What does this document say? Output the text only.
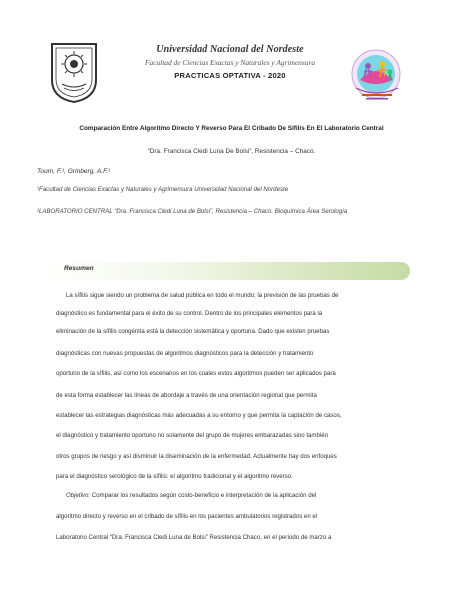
Universidad Nacional del Nordeste
Facultad de Ciencias Exactas y Naturales y Agrimensura
PRACTICAS OPTATIVA - 2020
Comparación Entre Algoritmo Directo Y Reverso Para El Cribado De Sífilis En El Laboratorio Central
“Dra. Francisca Cledi Luna De Bolsi”, Resistencia – Chaco.
Toum, F.¹, Grinberg, A.F.¹
¹Facultad de Ciencias Exactas y Naturales y Agrimensura Universidad Nacional del Nordeste
²LABORATORIO CENTRAL “Dra. Francisca Cledi Luna de Bolsi”, Resistencia – Chaco. Bioquímica Área Serología
Resumen
La sífilis sigue siendo un problema de salud pública en todo el mundo; la previsión de las pruebas de
diagnóstico es fundamental para el éxito de su control. Dentro de los principales elementos para la
eliminación de la sífilis congénita está la detección sistemática y oportuna. Dado que existen pruebas
diagnósticas con nuevas propuestas de algoritmos diagnósticos para la detección y tratamiento
oportuno de la sífilis, así como los escenarios en los cuales estos algoritmos pueden ser aplicados para
de esta forma establecer las líneas de abordaje a través de una orientación regional que permita
establecer las estrategias diagnósticas más adecuadas a su entorno y que permita la captación de casos,
el diagnóstico y tratamiento oportuno no solamente del grupo de mujeres embarazadas sino también
otros grupos de riesgo y así disminuir la diseminación de la enfermedad. Actualmente hay dos enfoques
para el diagnóstico serológico de la sífilis: el algoritmo tradicional y el algoritmo reverso.
Objetivo: Comparar los resultados según costo-beneficio e interpretación de la aplicación del
algoritmo directo y reverso en el cribado de sífilis en los pacientes ambulatorios registrados en el
Laboratorio Central “Dra. Francisca Cledi Luna de Bolsi” Resistencia Chaco, en el período de marzo a
